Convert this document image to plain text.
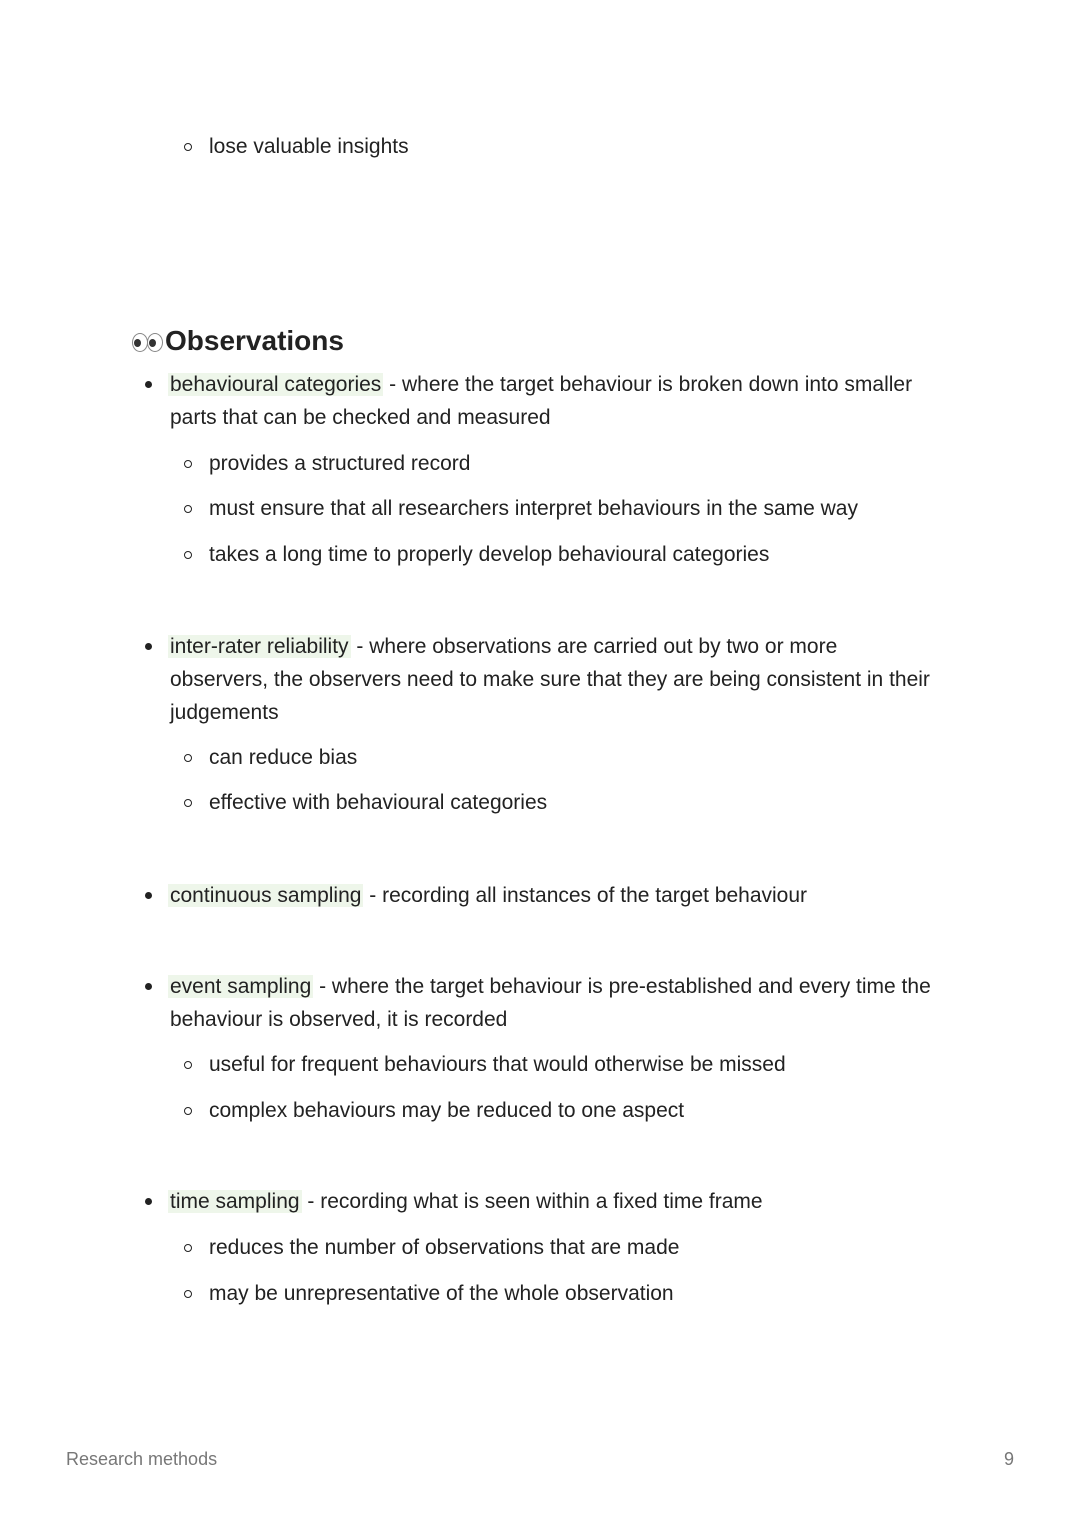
lose valuable insights
Observations
behavioural categories - where the target behaviour is broken down into smaller parts that can be checked and measured
provides a structured record
must ensure that all researchers interpret behaviours in the same way
takes a long time to properly develop behavioural categories
inter-rater reliability - where observations are carried out by two or more observers, the observers need to make sure that they are being consistent in their judgements
can reduce bias
effective with behavioural categories
continuous sampling - recording all instances of the target behaviour
event sampling - where the target behaviour is pre-established and every time the behaviour is observed, it is recorded
useful for frequent behaviours that would otherwise be missed
complex behaviours may be reduced to one aspect
time sampling - recording what is seen within a fixed time frame
reduces the number of observations that are made
may be unrepresentative of the whole observation
Research methods	9
